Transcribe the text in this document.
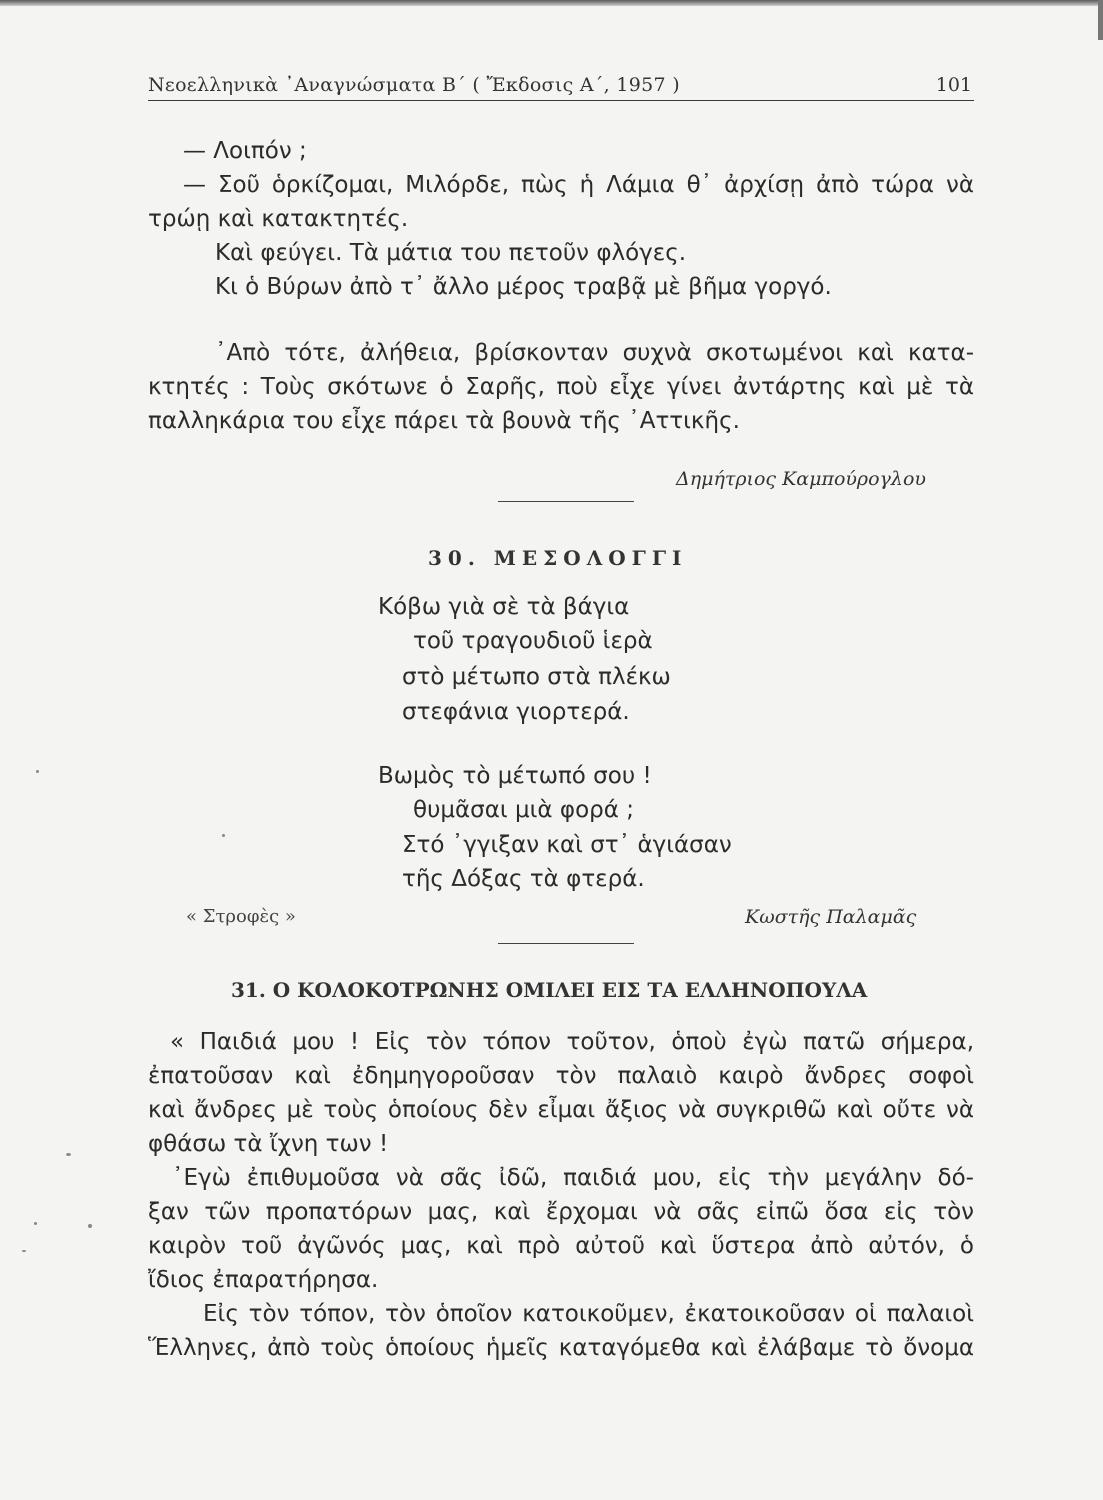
Νεοελληνικὰ ᾿Αναγνώσματα Β΄ ( Ἔκδοσις Α΄, 1957 )	101
— Λοιπόν ;
— Σοῦ ὁρκίζομαι, Μιλόρδε, πὼς ἡ Λάμια θ᾿ ἀρχίσῃ ἀπὸ τώρα νὰ
τρώῃ καὶ κατακτητές.
Καὶ φεύγει. Τὰ μάτια του πετοῦν φλόγες.
Κι ὁ Βύρων ἀπὸ τ᾿ ἄλλο μέρος τραβᾷ μὲ βῆμα γοργό.
᾿Απὸ τότε, ἀλήθεια, βρίσκονταν συχνὰ σκοτωμένοι καὶ κατα-
κτητές : Τοὺς σκότωνε ὁ Σαρῆς, ποὺ εἶχε γίνει ἀντάρτης καὶ μὲ τὰ
παλληκάρια του εἶχε πάρει τὰ βουνὰ τῆς ᾿Αττικῆς.
Δημήτριος Καμπούρογλου
30. ΜΕΣΟΛΟΓΓΙ
Κόβω γιὰ σὲ τὰ βάγια
τοῦ τραγουδιοῦ ἱερὰ
στὸ μέτωπο στὰ πλέκω
στεφάνια γιορτερά.
Βωμὸς τὸ μέτωπό σου !
θυμᾶσαι μιὰ φορά ;
Στό ᾿γγιξαν καὶ στ᾿ ἁγιάσαν
τῆς Δόξας τὰ φτερά.
« Στροφὲς »	Κωστῆς Παλαμᾶς
31. Ο ΚΟΛΟΚΟΤΡΩΝΗΣ ΟΜΙΛΕΙ ΕΙΣ ΤΑ ΕΛΛΗΝΟΠΟΥΛΑ
« Παιδιά μου ! Εἰς τὸν τόπον τοῦτον, ὁποὺ ἐγὼ πατῶ σήμερα,
ἐπατοῦσαν καὶ ἐδημηγοροῦσαν τὸν παλαιὸ καιρὸ ἄνδρες σοφοὶ
καὶ ἄνδρες μὲ τοὺς ὁποίους δὲν εἶμαι ἄξιος νὰ συγκριθῶ καὶ οὔτε νὰ
φθάσω τὰ ἴχνη των !
᾿Εγὼ ἐπιθυμοῦσα νὰ σᾶς ἰδῶ, παιδιά μου, εἰς τὴν μεγάλην δό-
ξαν τῶν προπατόρων μας, καὶ ἔρχομαι νὰ σᾶς εἰπῶ ὅσα εἰς τὸν
καιρὸν τοῦ ἀγῶνός μας, καὶ πρὸ αὐτοῦ καὶ ὕστερα ἀπὸ αὐτόν, ὁ
ἴδιος ἐπαρατήρησα.
Εἰς τὸν τόπον, τὸν ὁποῖον κατοικοῦμεν, ἐκατοικοῦσαν οἱ παλαιοὶ
Ἕλληνες, ἀπὸ τοὺς ὁποίους ἡμεῖς καταγόμεθα καὶ ἐλάβαμε τὸ ὄνομα
